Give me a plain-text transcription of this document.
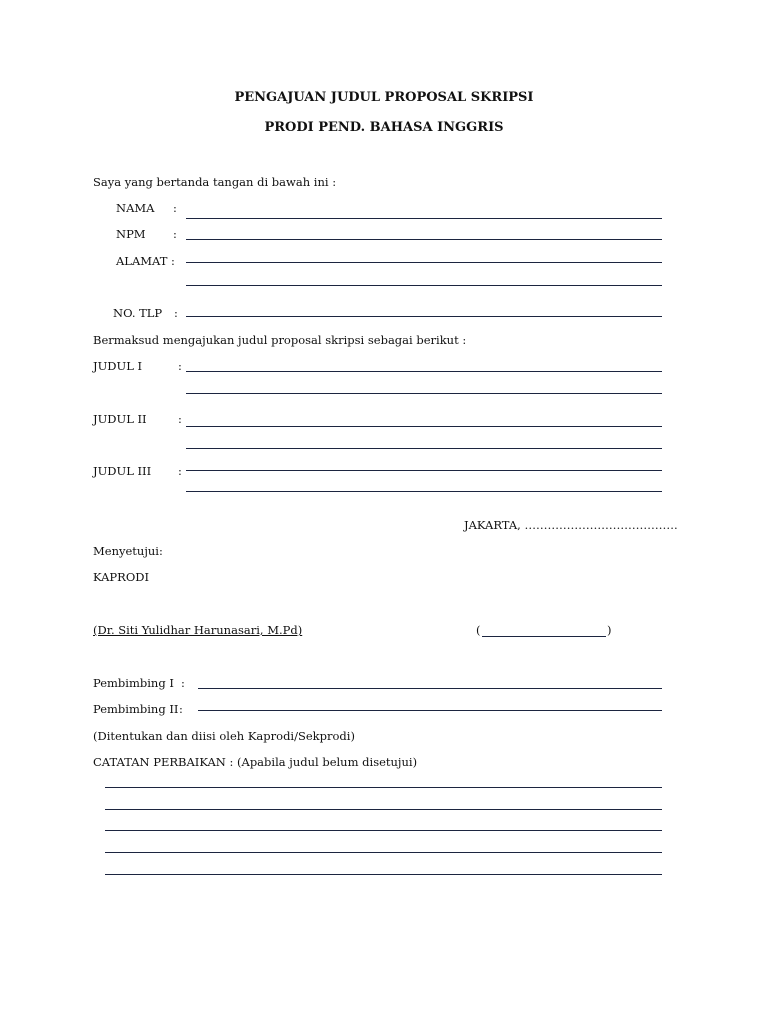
PENGAJUAN JUDUL PROPOSAL SKRIPSI
PRODI PEND. BAHASA INGGRIS
Saya yang bertanda tangan di bawah ini :
NAMA :
NPM :
ALAMAT :
NO. TLP :
Bermaksud mengajukan judul proposal skripsi sebagai berikut :
JUDUL I	:
JUDUL II	:
JUDUL III :
JAKARTA, ………………………………….
Menyetujui:
KAPRODI
(Dr. Siti Yulidhar Harunasari, M.Pd)	(	)
Pembimbing I :
Pembimbing II :
(Ditentukan dan diisi oleh Kaprodi/Sekprodi)
CATATAN PERBAIKAN : (Apabila judul belum disetujui)
